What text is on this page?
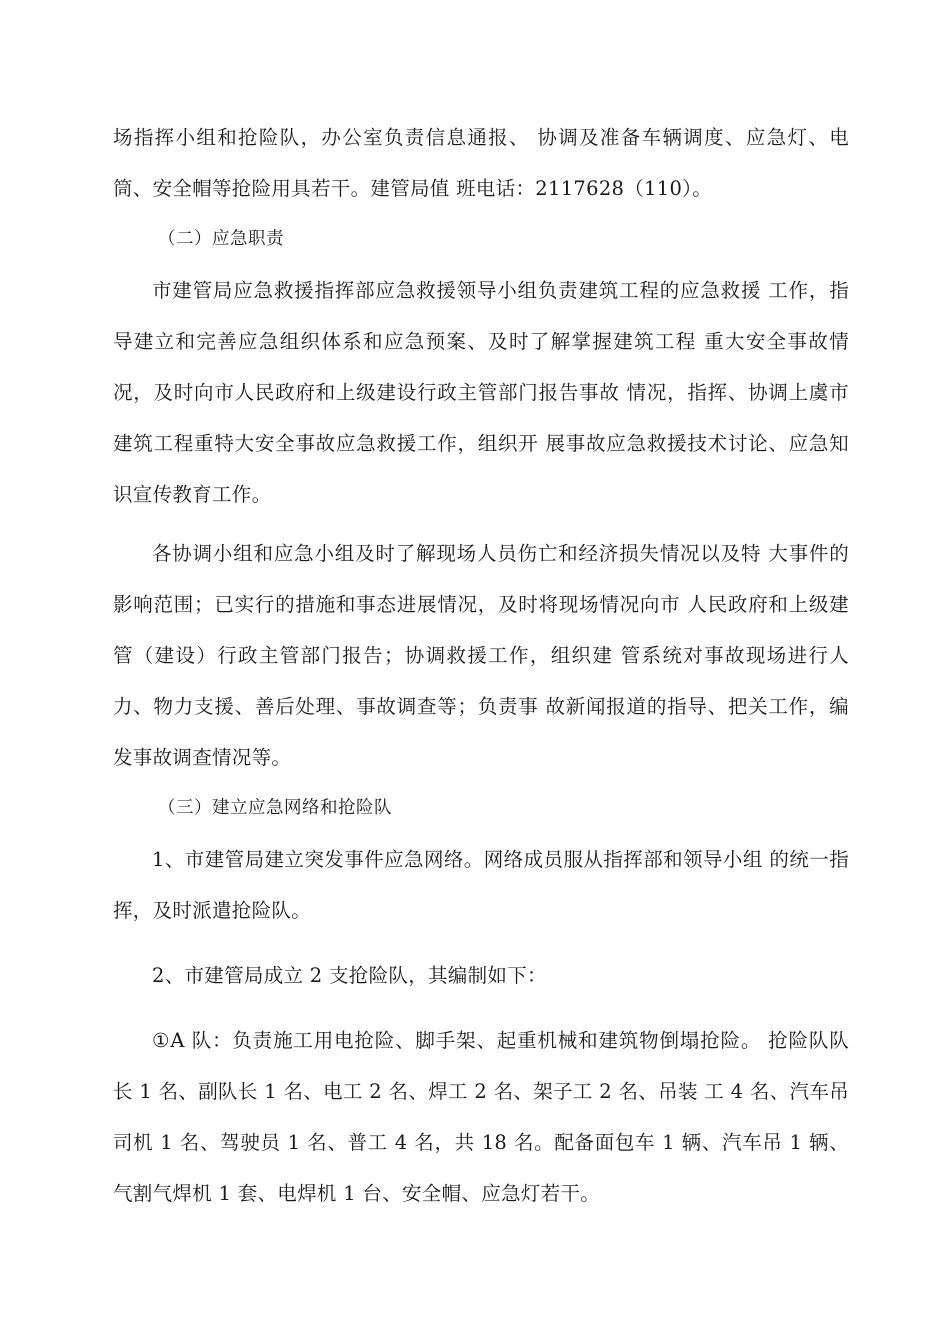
场指挥小组和抢险队，办公室负责信息通报、 协调及准备车辆调度、应急灯、电筒、安全帽等抢险用具若干。建管局值 班电话：2117628（110）。

（二）应急职责

市建管局应急救援指挥部应急救援领导小组负责建筑工程的应急救援 工作，指导建立和完善应急组织体系和应急预案、及时了解掌握建筑工程 重大安全事故情况，及时向市人民政府和上级建设行政主管部门报告事故 情况，指挥、协调上虞市建筑工程重特大安全事故应急救援工作，组织开 展事故应急救援技术讨论、应急知识宣传教育工作。

各协调小组和应急小组及时了解现场人员伤亡和经济损失情况以及特 大事件的影响范围；已实行的措施和事态进展情况，及时将现场情况向市 人民政府和上级建管（建设）行政主管部门报告；协调救援工作，组织建 管系统对事故现场进行人力、物力支援、善后处理、事故调查等；负责事 故新闻报道的指导、把关工作，编发事故调查情况等。

（三）建立应急网络和抢险队

1、市建管局建立突发事件应急网络。网络成员服从指挥部和领导小组 的统一指挥，及时派遣抢险队。

2、市建管局成立 2 支抢险队，其编制如下：

①A 队：负责施工用电抢险、脚手架、起重机械和建筑物倒塌抢险。 抢险队队长 1 名、副队长 1 名、电工 2 名、焊工 2 名、架子工 2 名、吊装 工 4 名、汽车吊司机 1 名、驾驶员 1 名、普工 4 名，共 18 名。配备面包车 1 辆、汽车吊 1 辆、气割气焊机 1 套、电焊机 1 台、安全帽、应急灯若干。
